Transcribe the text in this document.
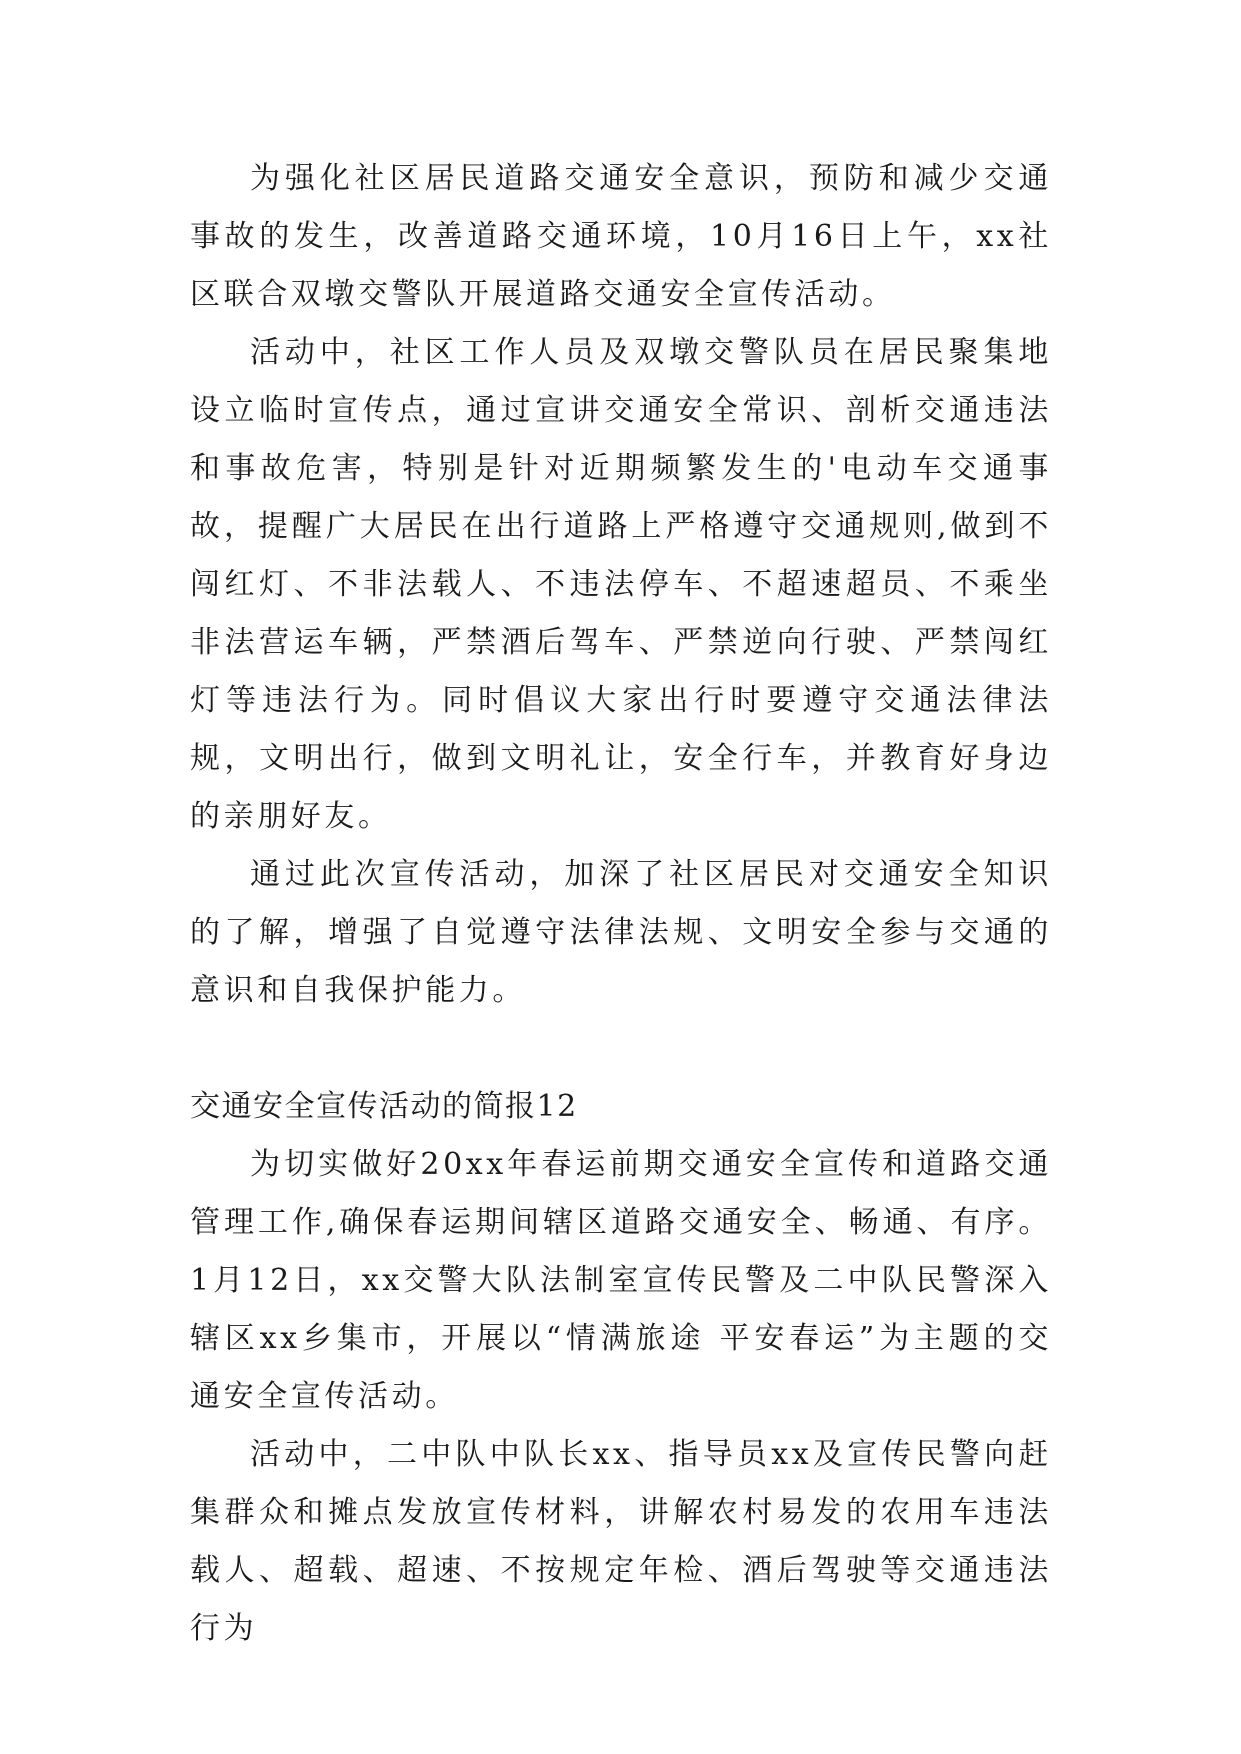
为强化社区居民道路交通安全意识，预防和减少交通事故的发生，改善道路交通环境，10月16日上午，xx社区联合双墩交警队开展道路交通安全宣传活动。

活动中，社区工作人员及双墩交警队员在居民聚集地设立临时宣传点，通过宣讲交通安全常识、剖析交通违法和事故危害，特别是针对近期频繁发生的'电动车交通事故，提醒广大居民在出行道路上严格遵守交通规则,做到不闯红灯、不非法载人、不违法停车、不超速超员、不乘坐非法营运车辆，严禁酒后驾车、严禁逆向行驶、严禁闯红灯等违法行为。同时倡议大家出行时要遵守交通法律法规，文明出行，做到文明礼让，安全行车，并教育好身边的亲朋好友。

通过此次宣传活动，加深了社区居民对交通安全知识的了解，增强了自觉遵守法律法规、文明安全参与交通的意识和自我保护能力。

交通安全宣传活动的简报12

为切实做好20xx年春运前期交通安全宣传和道路交通管理工作,确保春运期间辖区道路交通安全、畅通、有序。1月12日，xx交警大队法制室宣传民警及二中队民警深入辖区xx乡集市，开展以“情满旅途 平安春运”为主题的交通安全宣传活动。

活动中，二中队中队长xx、指导员xx及宣传民警向赶集群众和摊点发放宣传材料，讲解农村易发的农用车违法载人、超载、超速、不按规定年检、酒后驾驶等交通违法行为
